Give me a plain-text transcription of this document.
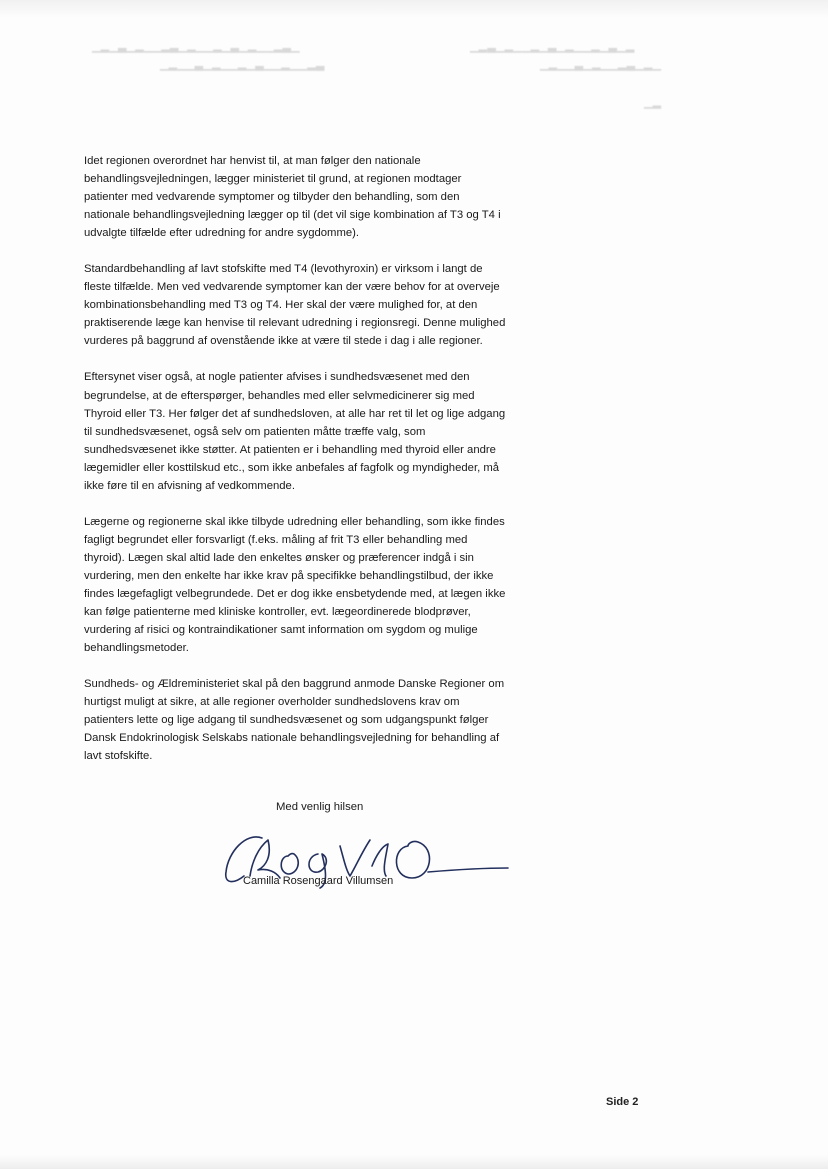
▁▂▁▃▁▂▁▁▂▃▁▂▁▁▂▁▃▁▂▁▁▂▃▁
▁▂▁▁▃▁▂▁▁▂▁▃▁▁▂▁▁▂▃
▁▂▃▁▂▁▁▂▁▃▁▂▁▁▂▁▃▁▂
▁▂▁▁▃▁▂▁▁▂▃▁▂▁
▁▂

Idet regionen overordnet har henvist til, at man følger den nationale
behandlingsvejledningen, lægger ministeriet til grund, at regionen modtager
patienter med vedvarende symptomer og tilbyder den behandling, som den
nationale behandlingsvejledning lægger op til (det vil sige kombination af T3 og T4 i
udvalgte tilfælde efter udredning for andre sygdomme).

Standardbehandling af lavt stofskifte med T4 (levothyroxin) er virksom i langt de
fleste tilfælde. Men ved vedvarende symptomer kan der være behov for at overveje
kombinationsbehandling med T3 og T4. Her skal der være mulighed for, at den
praktiserende læge kan henvise til relevant udredning i regionsregi. Denne mulighed
vurderes på baggrund af ovenstående ikke at være til stede i dag i alle regioner.

Eftersynet viser også, at nogle patienter afvises i sundhedsvæsenet med den
begrundelse, at de efterspørger, behandles med eller selvmedicinerer sig med
Thyroid eller T3. Her følger det af sundhedsloven, at alle har ret til let og lige adgang
til sundhedsvæsenet, også selv om patienten måtte træffe valg, som
sundhedsvæsenet ikke støtter. At patienten er i behandling med thyroid eller andre
lægemidler eller kosttilskud etc., som ikke anbefales af fagfolk og myndigheder, må
ikke føre til en afvisning af vedkommende.

Lægerne og regionerne skal ikke tilbyde udredning eller behandling, som ikke findes
fagligt begrundet eller forsvarligt (f.eks. måling af frit T3 eller behandling med
thyroid). Lægen skal altid lade den enkeltes ønsker og præferencer indgå i sin
vurdering, men den enkelte har ikke krav på specifikke behandlingstilbud, der ikke
findes lægefagligt velbegrundede. Det er dog ikke ensbetydende med, at lægen ikke
kan følge patienterne med kliniske kontroller, evt. lægeordinerede blodprøver,
vurdering af risici og kontraindikationer samt information om sygdom og mulige
behandlingsmetoder.

Sundheds- og Ældreministeriet skal på den baggrund anmode Danske Regioner om
hurtigst muligt at sikre, at alle regioner overholder sundhedslovens krav om
patienters lette og lige adgang til sundhedsvæsenet og som udgangspunkt følger
Dansk Endokrinologisk Selskabs nationale behandlingsvejledning for behandling af
lavt stofskifte.

Med venlig hilsen
Camilla Rosengaard Villumsen
Side 2
